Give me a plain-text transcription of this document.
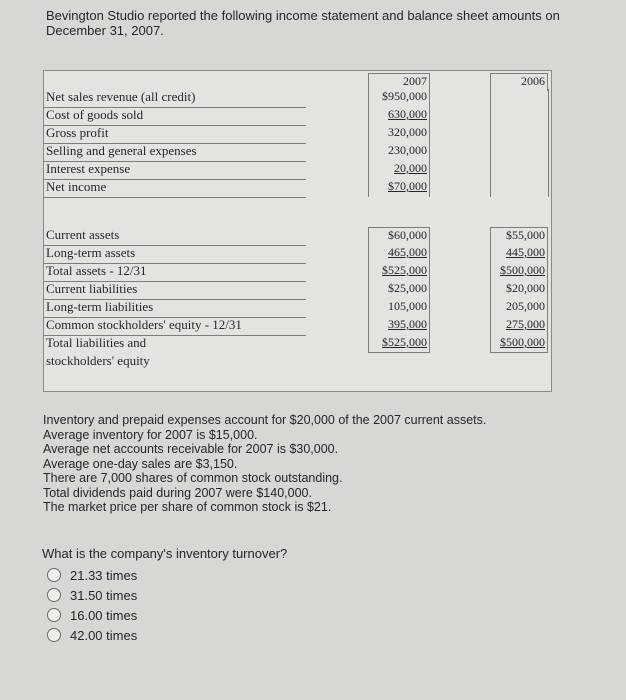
Bevington Studio reported the following income statement and balance sheet amounts on
December 31, 2007.
2007	2006
Net sales revenue (all credit)
Cost of goods sold
Gross profit
Selling and general expenses
Interest expense
Net income
$950,000
630,000
320,000
230,000
20,000
$70,000
Current assets
Long-term assets
Total assets - 12/31
Current liabilities
Long-term liabilities
Common stockholders' equity - 12/31
Total liabilities and
stockholders' equity
$60,000
465,000
$525,000
$25,000
105,000
395,000
$525,000
$55,000
445,000
$500,000
$20,000
205,000
275,000
$500,000
Inventory and prepaid expenses account for $20,000 of the 2007 current assets.
Average inventory for 2007 is $15,000.
Average net accounts receivable for 2007 is $30,000.
Average one-day sales are $3,150.
There are 7,000 shares of common stock outstanding.
Total dividends paid during 2007 were $140,000.
The market price per share of common stock is $21.
What is the company's inventory turnover?
21.33 times
31.50 times
16.00 times
42.00 times
